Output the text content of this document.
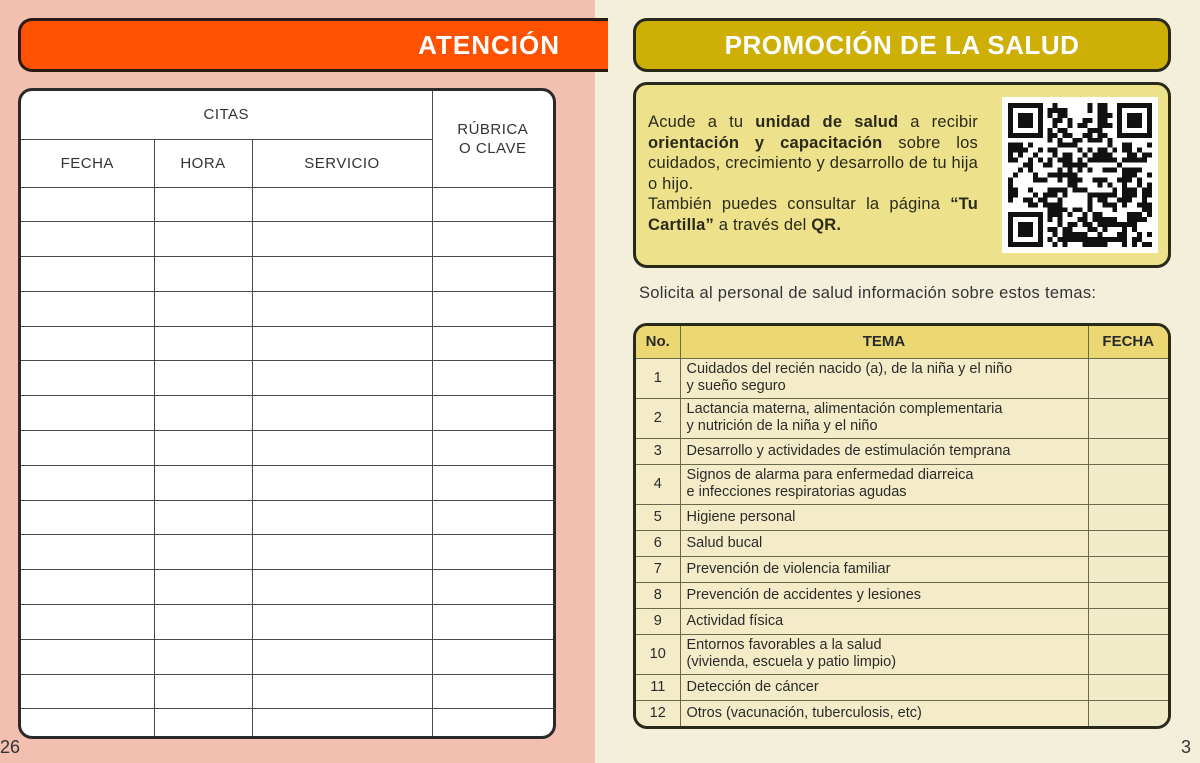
ATENCIÓN
CITAS			RÚBRICA
O CLAVE
FECHA	HORA	SERVICIO	

26
PROMOCIÓN DE LA SALUD
Acude a tu unidad de salud a recibir orientación y capacitación sobre los cuidados, crecimiento y desarrollo de tu hija o hijo.
También puedes consultar la página “Tu Cartilla” a través del QR.
Solicita al personal de salud información sobre estos temas:
No.	TEMA	FECHA
1	Cuidados del recién nacido (a), de la niña y el niño
y sueño seguro	
2	Lactancia materna, alimentación complementaria
y nutrición de la niña y el niño	
3	Desarrollo y actividades de estimulación temprana	
4	Signos de alarma para enfermedad diarreica
e infecciones respiratorias agudas	
5	Higiene personal	
6	Salud bucal	
7	Prevención de violencia familiar	
8	Prevención de accidentes y lesiones	
9	Actividad física	
10	Entornos favorables a la salud
(vivienda, escuela y patio limpio)	
11	Detección de cáncer	
12	Otros (vacunación, tuberculosis, etc)	
3
